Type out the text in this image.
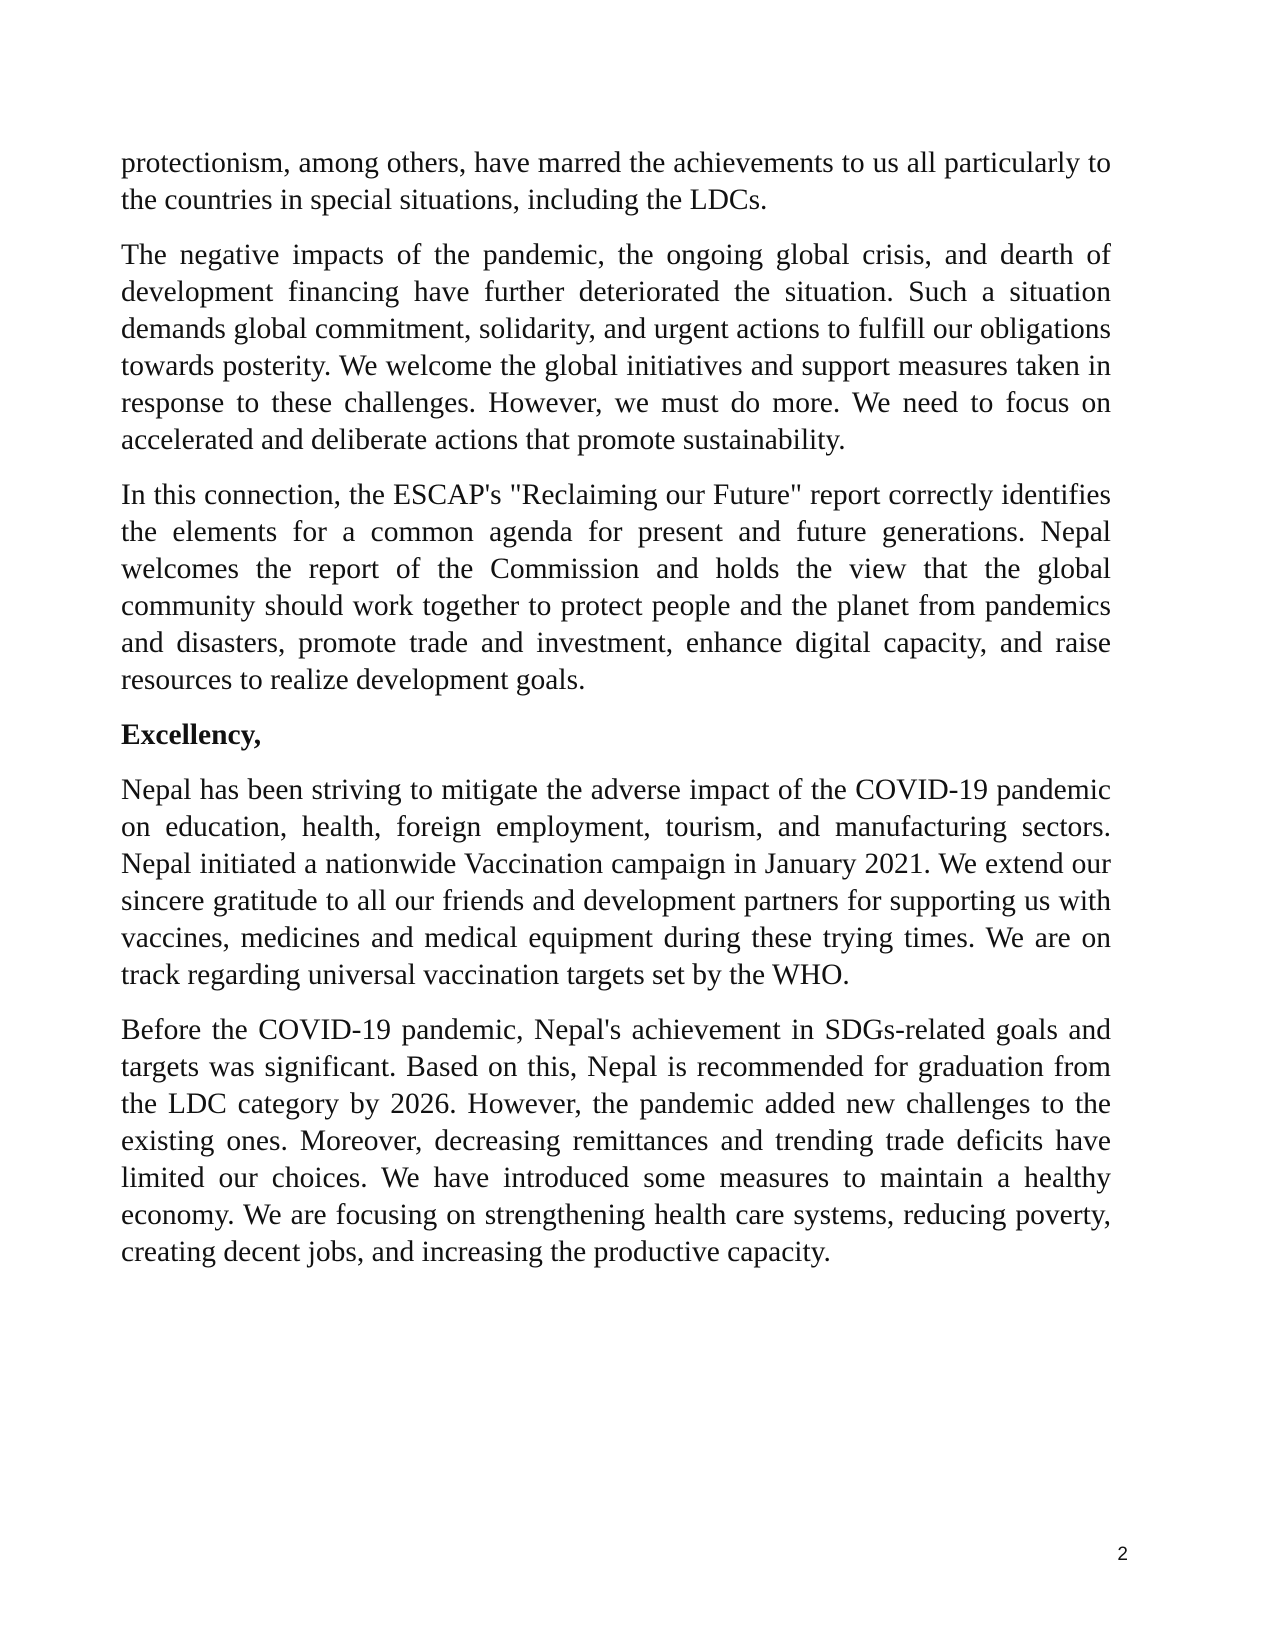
protectionism, among others, have marred the achievements to us all particularly to the countries in special situations, including the LDCs.

The negative impacts of the pandemic, the ongoing global crisis, and dearth of development financing have further deteriorated the situation. Such a situation demands global commitment, solidarity, and urgent actions to fulfill our obligations towards posterity. We welcome the global initiatives and support measures taken in response to these challenges. However, we must do more. We need to focus on accelerated and deliberate actions that promote sustainability.

In this connection, the ESCAP's "Reclaiming our Future" report correctly identifies the elements for a common agenda for present and future generations. Nepal welcomes the report of the Commission and holds the view that the global community should work together to protect people and the planet from pandemics and disasters, promote trade and investment, enhance digital capacity, and raise resources to realize development goals.

Excellency,

Nepal has been striving to mitigate the adverse impact of the COVID-19 pandemic on education, health, foreign employment, tourism, and manufacturing sectors. Nepal initiated a nationwide Vaccination campaign in January 2021. We extend our sincere gratitude to all our friends and development partners for supporting us with vaccines, medicines and medical equipment during these trying times. We are on track regarding universal vaccination targets set by the WHO.

Before the COVID-19 pandemic, Nepal's achievement in SDGs-related goals and targets was significant. Based on this, Nepal is recommended for graduation from the LDC category by 2026. However, the pandemic added new challenges to the existing ones. Moreover, decreasing remittances and trending trade deficits have limited our choices. We have introduced some measures to maintain a healthy economy. We are focusing on strengthening health care systems, reducing poverty, creating decent jobs, and increasing the productive capacity.

2
